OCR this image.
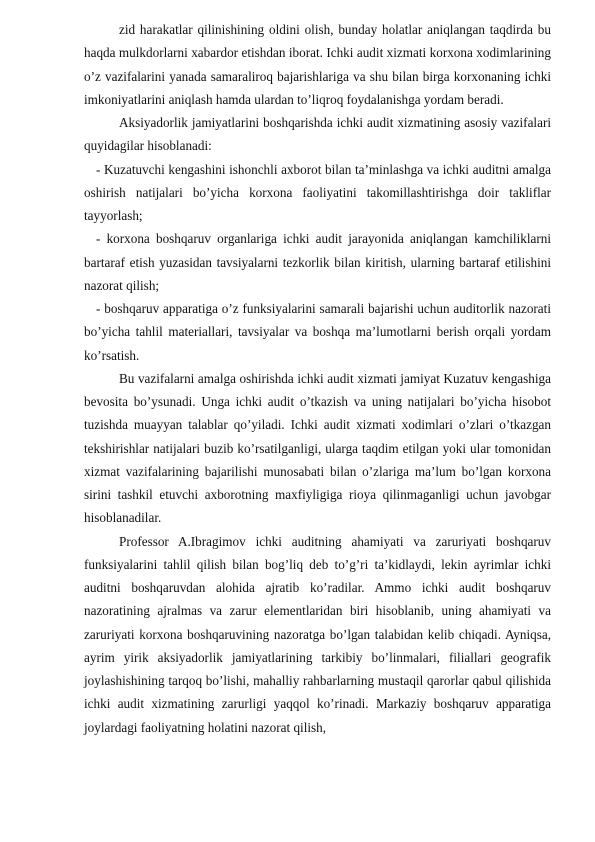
zid harakatlar qilinishining oldini olish, bunday holatlar aniqlangan taqdirda bu haqda mulkdorlarni xabardor etishdan iborat. Ichki audit xizmati korxona xodimlarining o’z vazifalarini yanada samaraliroq bajarishlariga va shu bilan birga korxonaning ichki imkoniyatlarini aniqlash hamda ulardan to’liqroq foydalanishga yordam beradi.

Aksiyadorlik jamiyatlarini boshqarishda ichki audit xizmatining asosiy vazifalari quyidagilar hisoblanadi:

- Kuzatuvchi kengashini ishonchli axborot bilan ta’minlashga va ichki auditni amalga oshirish natijalari bo’yicha korxona faoliyatini takomillashtirishga doir takliflar tayyorlash;

- korxona boshqaruv organlariga ichki audit jarayonida aniqlangan kamchiliklarni bartaraf etish yuzasidan tavsiyalarni tezkorlik bilan kiritish, ularning bartaraf etilishini nazorat qilish;

- boshqaruv apparatiga o’z funksiyalarini samarali bajarishi uchun auditorlik nazorati bo’yicha tahlil materiallari, tavsiyalar va boshqa ma’lumotlarni berish orqali yordam ko’rsatish.

Bu vazifalarni amalga oshirishda ichki audit xizmati jamiyat Kuzatuv kengashiga bevosita bo’ysunadi. Unga ichki audit o’tkazish va uning natijalari bo’yicha hisobot tuzishda muayyan talablar qo’yiladi. Ichki audit xizmati xodimlari o’zlari o’tkazgan tekshirishlar natijalari buzib ko’rsatilganligi, ularga taqdim etilgan yoki ular tomonidan xizmat vazifalarining bajarilishi munosabati bilan o’zlariga ma’lum bo’lgan korxona sirini tashkil etuvchi axborotning maxfiyligiga rioya qilinmaganligi uchun javobgar hisoblanadilar.

Professor A.Ibragimov ichki auditning ahamiyati va zaruriyati boshqaruv funksiyalarini tahlil qilish bilan bog’liq deb to’g’ri ta’kidlaydi, lekin ayrimlar ichki auditni boshqaruvdan alohida ajratib ko’radilar. Ammo ichki audit boshqaruv nazoratining ajralmas va zarur elementlaridan biri hisoblanib, uning ahamiyati va zaruriyati korxona boshqaruvining nazoratga bo’lgan talabidan kelib chiqadi. Ayniqsa, ayrim yirik aksiyadorlik jamiyatlarining tarkibiy bo’linmalari, filiallari geografik joylashishining tarqoq bo’lishi, mahalliy rahbarlarning mustaqil qarorlar qabul qilishida ichki audit xizmatining zarurligi yaqqol ko’rinadi. Markaziy boshqaruv apparatiga joylardagi faoliyatning holatini nazorat qilish,
